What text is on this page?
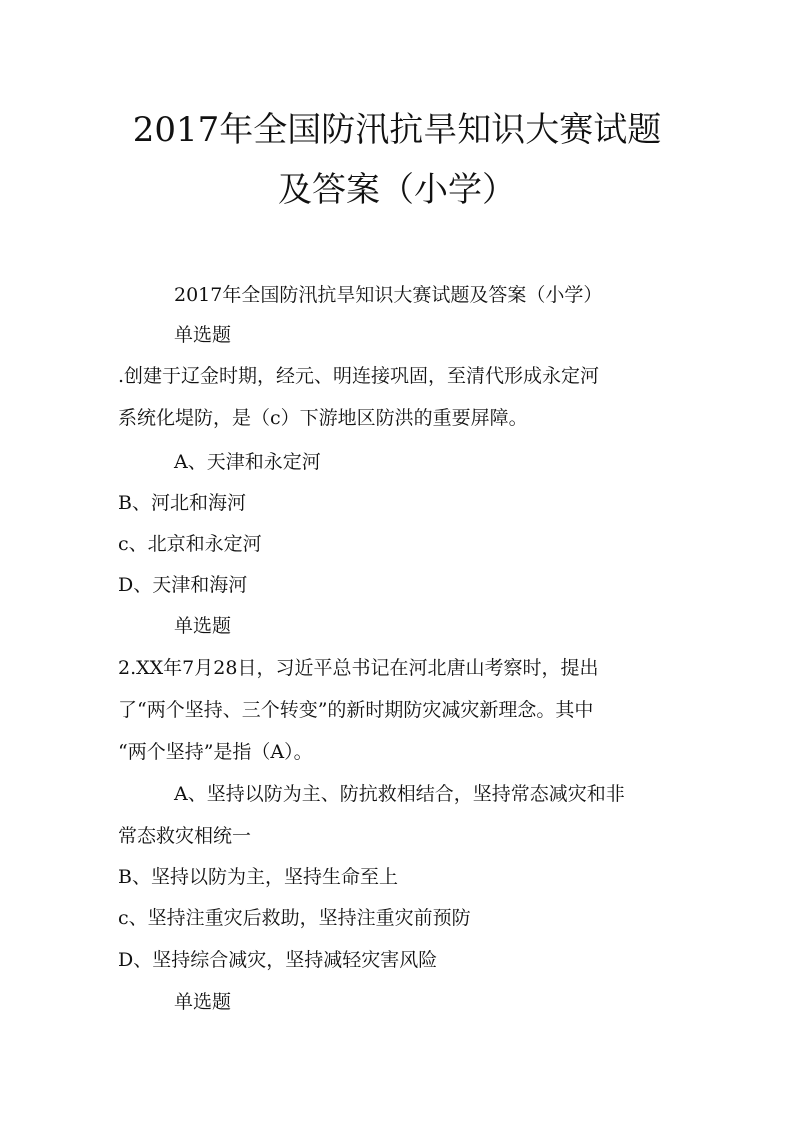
2017年全国防汛抗旱知识大赛试题
及答案（小学）
2017年全国防汛抗旱知识大赛试题及答案（小学）
单选题
.创建于辽金时期，经元、明连接巩固，至清代形成永定河
系统化堤防，是（c）下游地区防洪的重要屏障。
A、天津和永定河
B、河北和海河
c、北京和永定河
D、天津和海河
单选题
2.XX年7月28日，习近平总书记在河北唐山考察时，提出
了“两个坚持、三个转变”的新时期防灾减灾新理念。其中
“两个坚持”是指（A）。
A、坚持以防为主、防抗救相结合，坚持常态减灾和非
常态救灾相统一
B、坚持以防为主，坚持生命至上
c、坚持注重灾后救助，坚持注重灾前预防
D、坚持综合减灾，坚持减轻灾害风险
单选题
